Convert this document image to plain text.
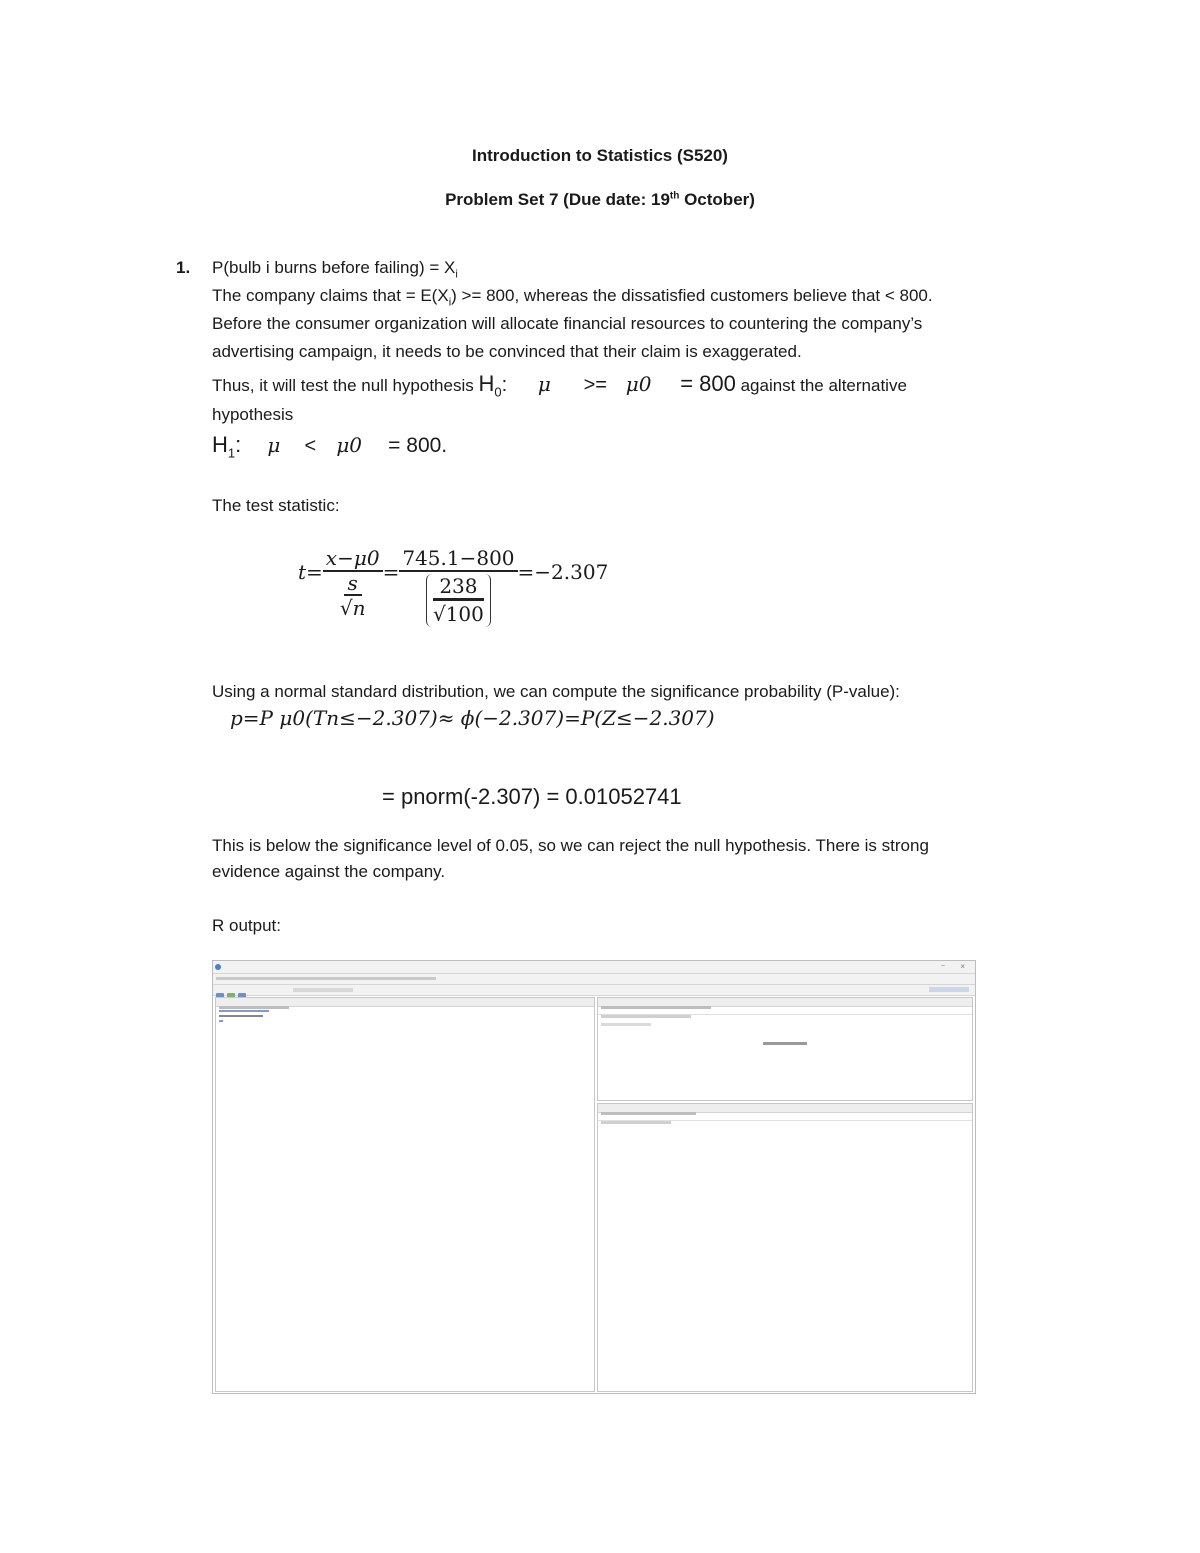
Introduction to Statistics (S520)
Problem Set 7 (Due date: 19th October)
1. P(bulb i burns before failing) = $X_i$
The company claims that = $E(X_i) >= 800$, whereas the dissatisfied customers believe that < 800.
Before the consumer organization will allocate financial resources to countering the company’s
advertising campaign, it needs to be convinced that their claim is exaggerated.
Thus, it will test the null hypothesis $H_0$: μ >= μ0 = 800 against the alternative
hypothesis
$H_1$: μ < μ0 = 800.
The test statistic:
t= x−μ0
s
√n = 745.1−800
238
√100 =−2.307
Using a normal standard distribution, we can compute the significance probability (P-value):
p=P μ0(Tn≤−2.307)≈ ϕ(−2.307)=P(Z≤−2.307)
= pnorm(-2.307) = 0.01052741
This is below the significance level of 0.05, so we can reject the null hypothesis. There is strong
evidence against the company.
R output:
− ×
